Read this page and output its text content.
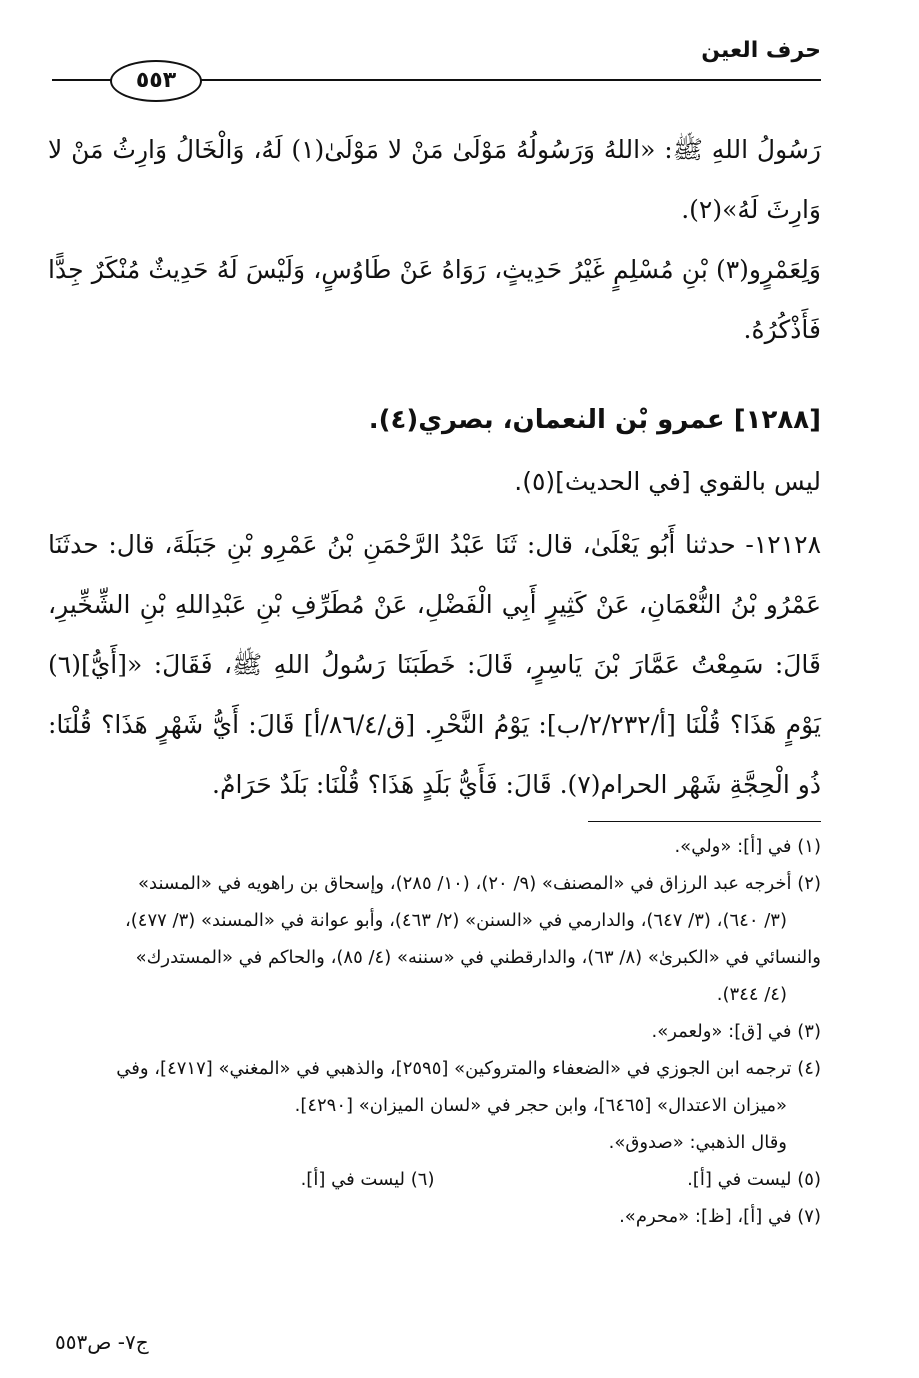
حرف العين
٥٥٣
رَسُولُ اللهِ ﷺ: «اللهُ وَرَسُولُهُ مَوْلَىٰ مَنْ لا مَوْلَىٰ(١) لَهُ، وَالْخَالُ وَارِثُ مَنْ لا وَارِثَ لَهُ»(٢).
وَلِعَمْرٍو(٣) بْنِ مُسْلِمٍ غَيْرُ حَدِيثٍ، رَوَاهُ عَنْ طَاوُسٍ، وَلَيْسَ لَهُ حَدِيثٌ مُنْكَرٌ جِدًّا فَأَذْكُرُهُ.
[١٢٨٨] عمرو بْن النعمان، بصري(٤).
ليس بالقوي [في الحديث](٥).
١٢١٢٨- حدثنا أَبُو يَعْلَىٰ، قال: ثَنَا عَبْدُ الرَّحْمَنِ بْنُ عَمْرِو بْنِ جَبَلَةَ، قال: حدثَنَا عَمْرُو بْنُ النُّعْمَانِ، عَنْ كَثِيرٍ أَبِي الْفَضْلِ، عَنْ مُطَرِّفِ بْنِ عَبْدِاللهِ بْنِ الشِّخِّيرِ، قَالَ: سَمِعْتُ عَمَّارَ بْنَ يَاسِرٍ، قَالَ: خَطَبَنَا رَسُولُ اللهِ ﷺ، فَقَالَ: «[أَيُّ](٦) يَوْمٍ هَذَا؟ قُلْنَا [أ/٢/٢٣٢/ب]: يَوْمُ النَّحْرِ. [ق/٨٦/٤/أ] قَالَ: أَيُّ شَهْرٍ هَذَا؟ قُلْنَا: ذُو الْحِجَّةِ شَهْر الحرام(٧). قَالَ: فَأَيُّ بَلَدٍ هَذَا؟ قُلْنَا: بَلَدٌ حَرَامٌ.
(١) في [أ]: «ولي».
(٢) أخرجه عبد الرزاق في «المصنف» (٩/ ٢٠)، (١٠/ ٢٨٥)، وإسحاق بن راهويه في «المسند»
(٣/ ٦٤٠)، (٣/ ٦٤٧)، والدارمي في «السنن» (٢/ ٤٦٣)، وأبو عوانة في «المسند» (٣/ ٤٧٧)،
والنسائي في «الكبرىٰ» (٨/ ٦٣)، والدارقطني في «سننه» (٤/ ٨٥)، والحاكم في «المستدرك»
(٤/ ٣٤٤).
(٣) في [ق]: «ولعمر».
(٤) ترجمه ابن الجوزي في «الضعفاء والمتروكين» [٢٥٩٥]، والذهبي في «المغني» [٤٧١٧]، وفي
«ميزان الاعتدال» [٦٤٦٥]، وابن حجر في «لسان الميزان» [٤٢٩٠].
وقال الذهبي: «صدوق».
(٥) ليست في [أ].
(٦) ليست في [أ].
(٧) في [أ]، [ظ]: «محرم».
ج٧- ص٥٥٣
